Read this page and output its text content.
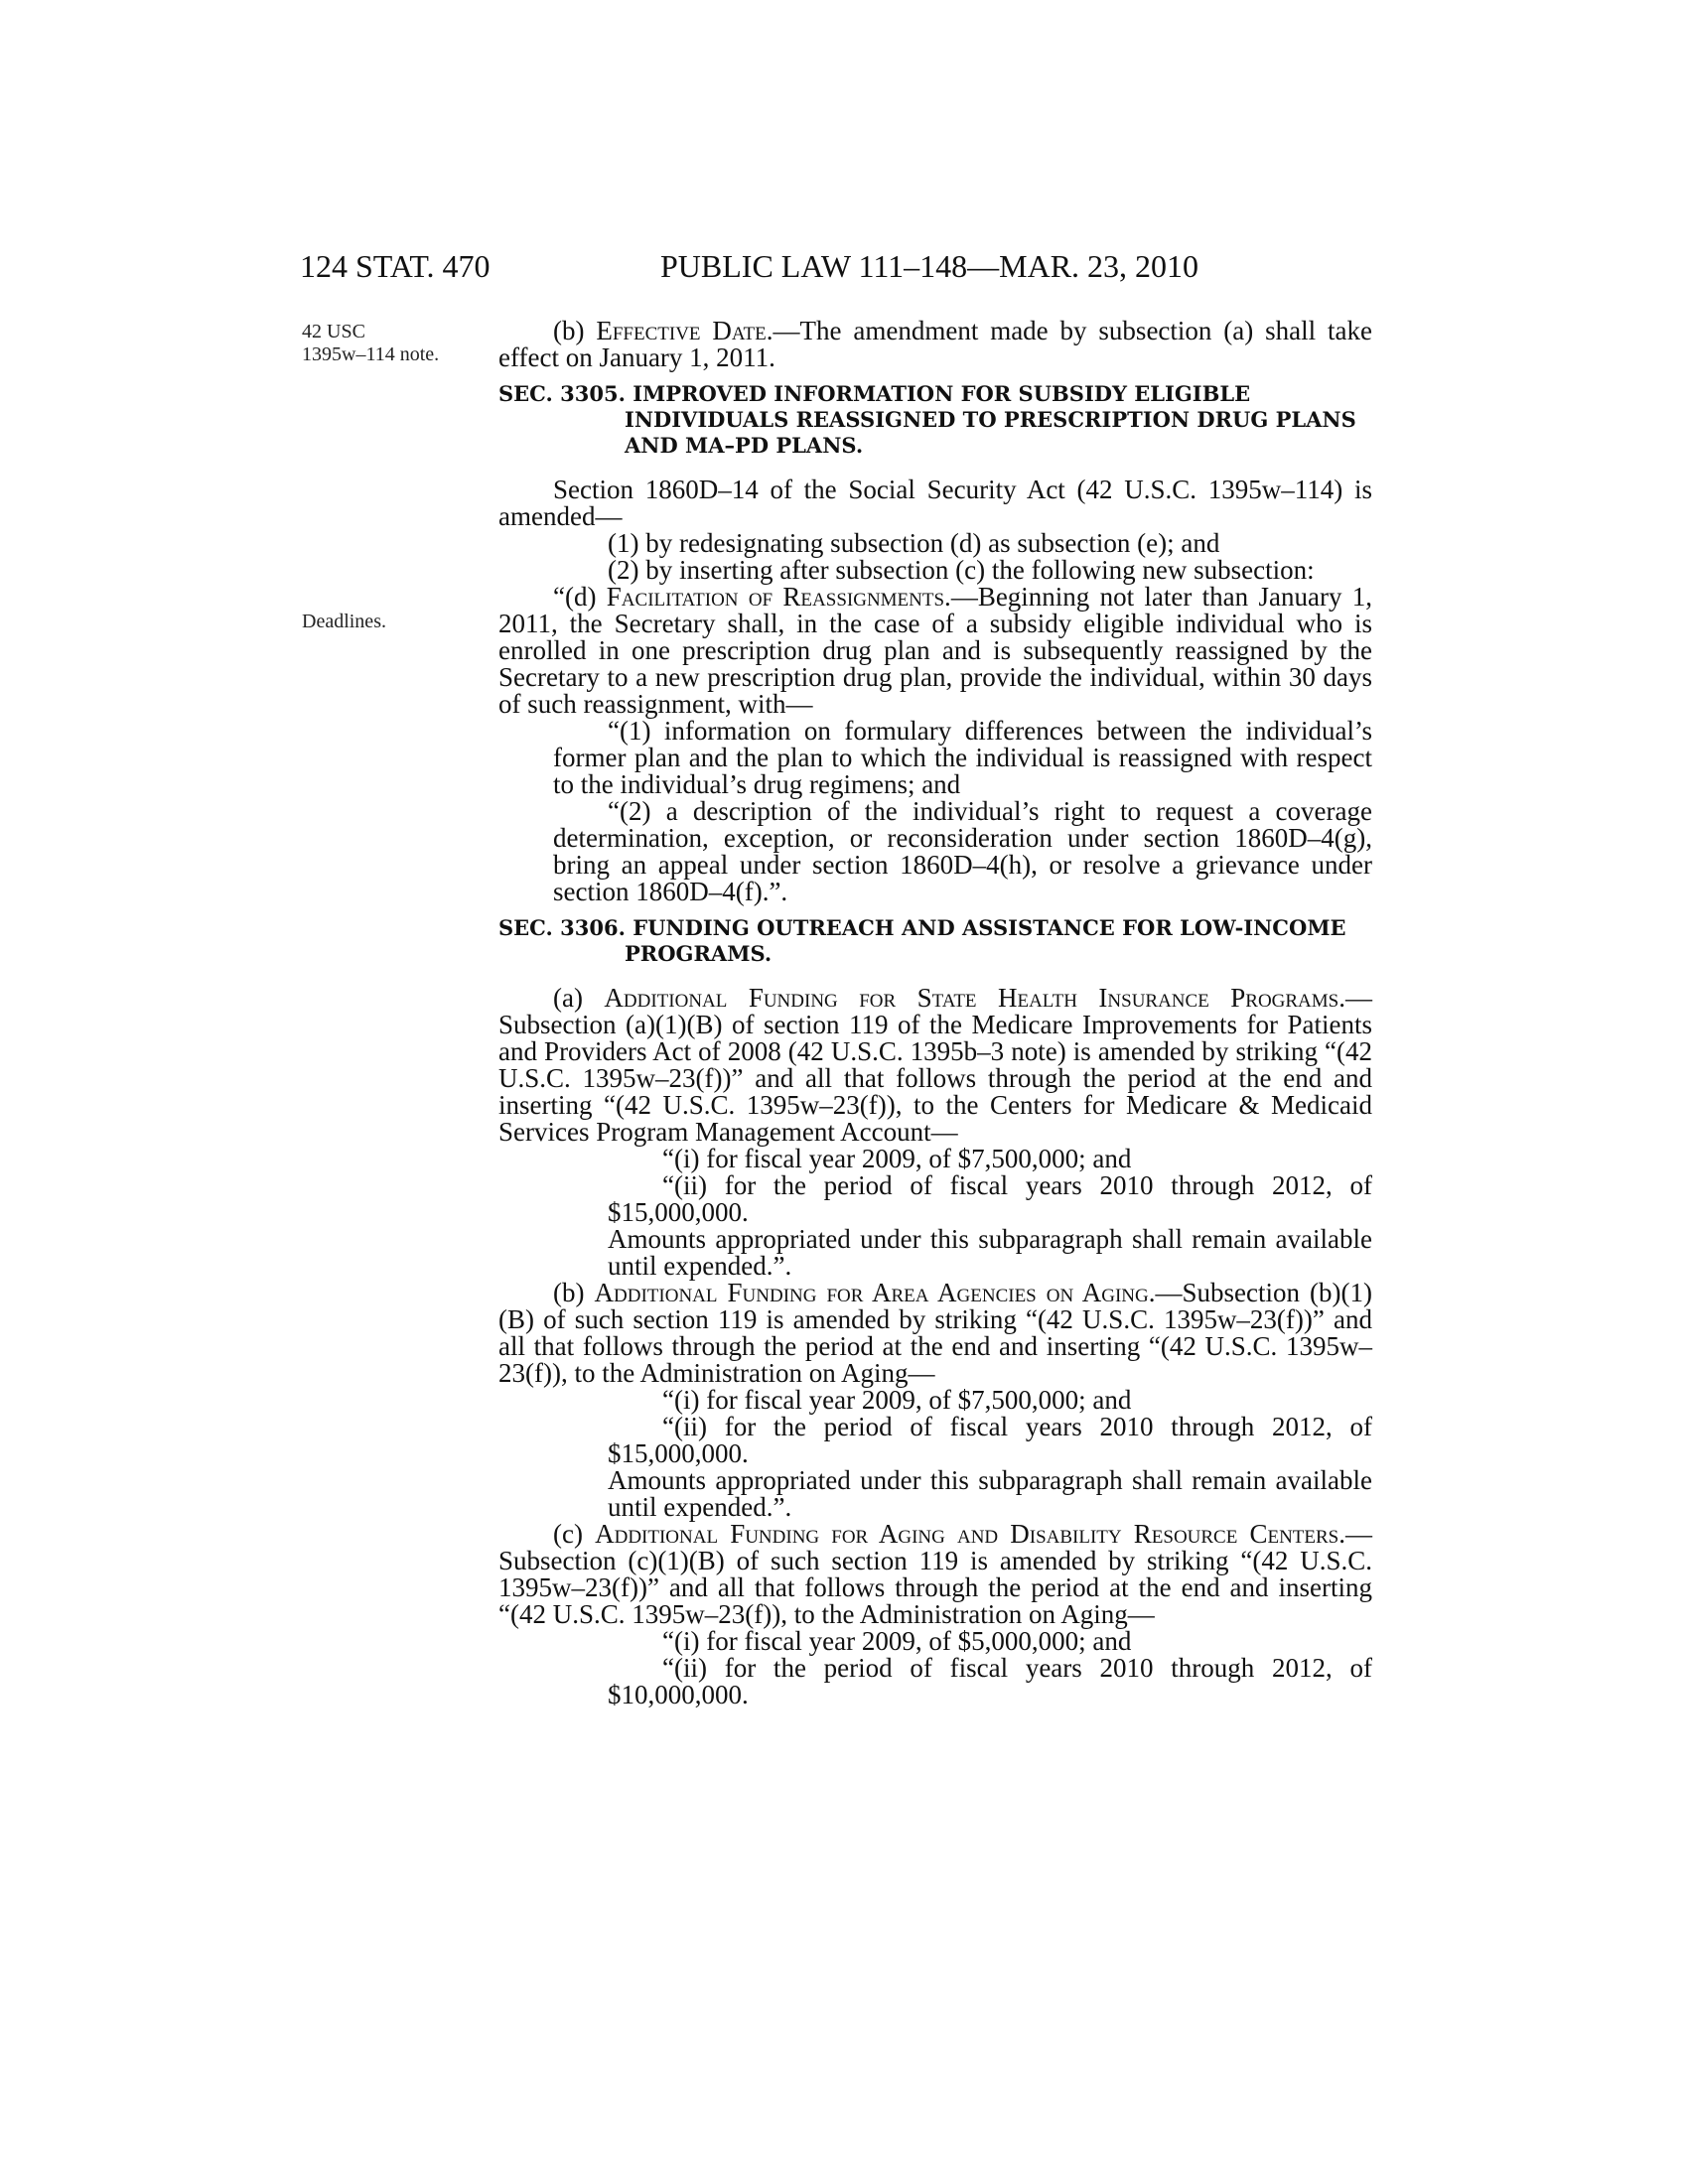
124 STAT. 470	PUBLIC LAW 111–148—MAR. 23, 2010
42 USC
1395w–114 note.
Deadlines.

(b) Effective Date.—The amendment made by subsection (a) shall take effect on January 1, 2011.

SEC. 3305. IMPROVED INFORMATION FOR SUBSIDY ELIGIBLE INDIVIDUALS REASSIGNED TO PRESCRIPTION DRUG PLANS AND MA–PD PLANS.

Section 1860D–14 of the Social Security Act (42 U.S.C. 1395w–114) is amended—

(1) by redesignating subsection (d) as subsection (e); and

(2) by inserting after subsection (c) the following new subsection:

“(d) Facilitation of Reassignments.—Beginning not later than January 1, 2011, the Secretary shall, in the case of a subsidy eligible individual who is enrolled in one prescription drug plan and is subsequently reassigned by the Secretary to a new prescription drug plan, provide the individual, within 30 days of such reassignment, with—

“(1) information on formulary differences between the individual’s former plan and the plan to which the individual is reassigned with respect to the individual’s drug regimens; and

“(2) a description of the individual’s right to request a coverage determination, exception, or reconsideration under section 1860D–4(g), bring an appeal under section 1860D–4(h), or resolve a grievance under section 1860D–4(f).”.

SEC. 3306. FUNDING OUTREACH AND ASSISTANCE FOR LOW-INCOME PROGRAMS.

(a) Additional Funding for State Health Insurance Programs.—Subsection (a)(1)(B) of section 119 of the Medicare Improvements for Patients and Providers Act of 2008 (42 U.S.C. 1395b–3 note) is amended by striking “(42 U.S.C. 1395w–23(f))” and all that follows through the period at the end and inserting “(42 U.S.C. 1395w–23(f)), to the Centers for Medicare & Medicaid Services Program Management Account—

“(i) for fiscal year 2009, of $7,500,000; and

“(ii) for the period of fiscal years 2010 through 2012, of $15,000,000.

Amounts appropriated under this subparagraph shall remain available until expended.”.

(b) Additional Funding for Area Agencies on Aging.—Subsection (b)(1)(B) of such section 119 is amended by striking “(42 U.S.C. 1395w–23(f))” and all that follows through the period at the end and inserting “(42 U.S.C. 1395w–23(f)), to the Administration on Aging—

“(i) for fiscal year 2009, of $7,500,000; and

“(ii) for the period of fiscal years 2010 through 2012, of $15,000,000.

Amounts appropriated under this subparagraph shall remain available until expended.”.

(c) Additional Funding for Aging and Disability Resource Centers.—Subsection (c)(1)(B) of such section 119 is amended by striking “(42 U.S.C. 1395w–23(f))” and all that follows through the period at the end and inserting “(42 U.S.C. 1395w–23(f)), to the Administration on Aging—

“(i) for fiscal year 2009, of $5,000,000; and

“(ii) for the period of fiscal years 2010 through 2012, of $10,000,000.
